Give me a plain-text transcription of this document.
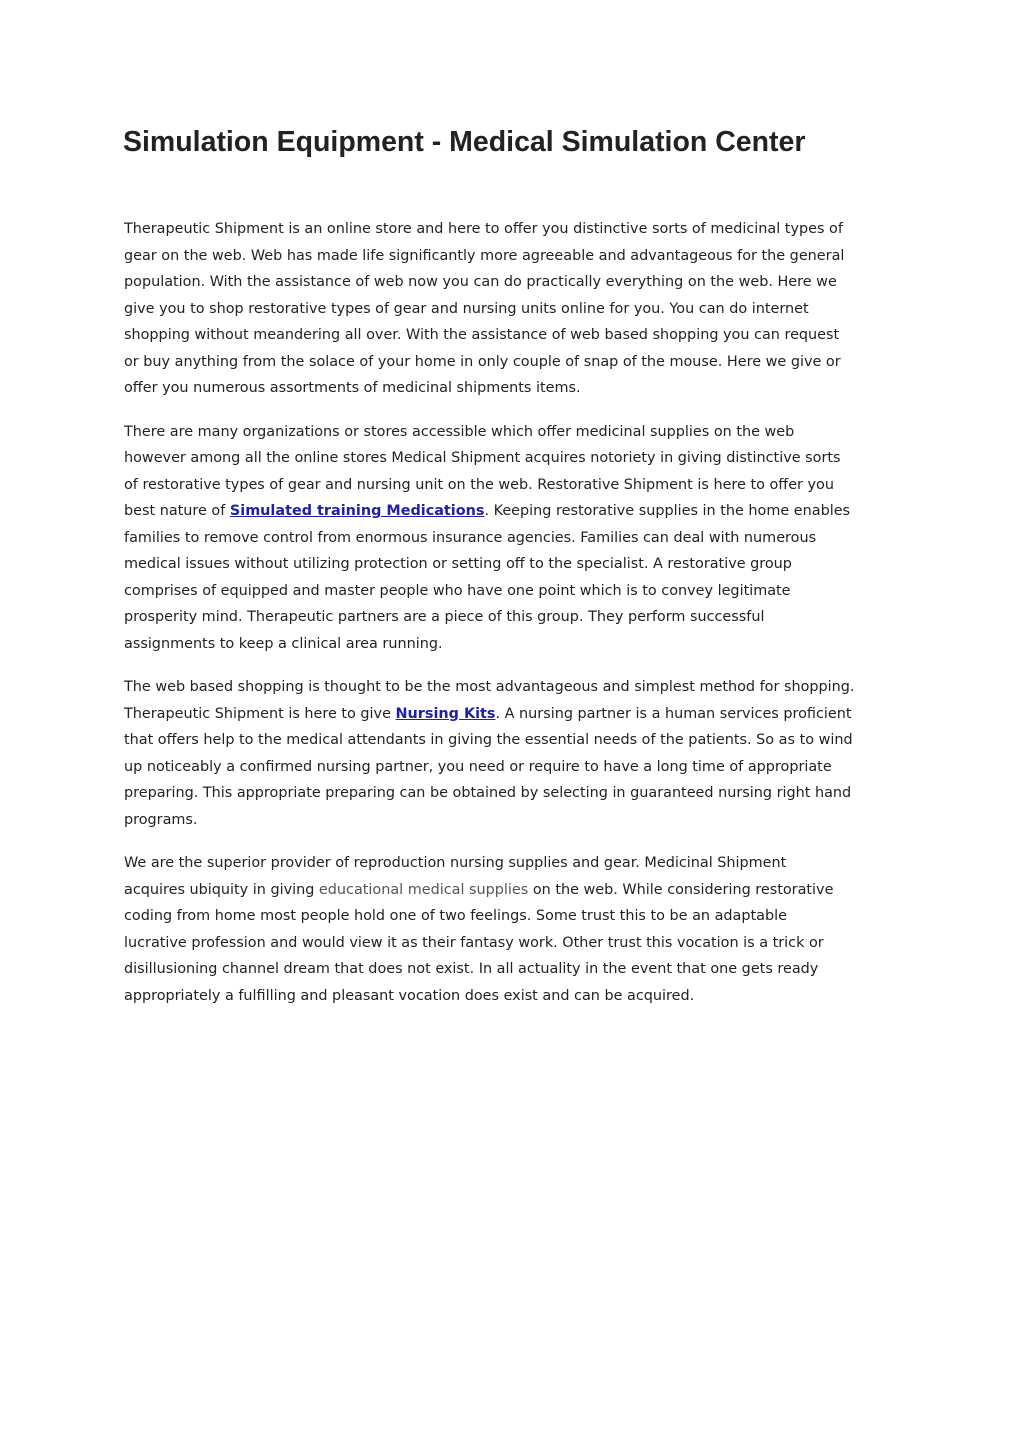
Simulation Equipment - Medical Simulation Center

Therapeutic Shipment is an online store and here to offer you distinctive sorts of medicinal types of
gear on the web. Web has made life significantly more agreeable and advantageous for the general
population. With the assistance of web now you can do practically everything on the web. Here we
give you to shop restorative types of gear and nursing units online for you. You can do internet
shopping without meandering all over. With the assistance of web based shopping you can request
or buy anything from the solace of your home in only couple of snap of the mouse. Here we give or
offer you numerous assortments of medicinal shipments items.

There are many organizations or stores accessible which offer medicinal supplies on the web
however among all the online stores Medical Shipment acquires notoriety in giving distinctive sorts
of restorative types of gear and nursing unit on the web. Restorative Shipment is here to offer you
best nature of Simulated training Medications. Keeping restorative supplies in the home enables
families to remove control from enormous insurance agencies. Families can deal with numerous
medical issues without utilizing protection or setting off to the specialist. A restorative group
comprises of equipped and master people who have one point which is to convey legitimate
prosperity mind. Therapeutic partners are a piece of this group. They perform successful
assignments to keep a clinical area running.

The web based shopping is thought to be the most advantageous and simplest method for shopping.
Therapeutic Shipment is here to give Nursing Kits. A nursing partner is a human services proficient
that offers help to the medical attendants in giving the essential needs of the patients. So as to wind
up noticeably a confirmed nursing partner, you need or require to have a long time of appropriate
preparing. This appropriate preparing can be obtained by selecting in guaranteed nursing right hand
programs.

We are the superior provider of reproduction nursing supplies and gear. Medicinal Shipment
acquires ubiquity in giving educational medical supplies on the web. While considering restorative
coding from home most people hold one of two feelings. Some trust this to be an adaptable
lucrative profession and would view it as their fantasy work. Other trust this vocation is a trick or
disillusioning channel dream that does not exist. In all actuality in the event that one gets ready
appropriately a fulfilling and pleasant vocation does exist and can be acquired.
